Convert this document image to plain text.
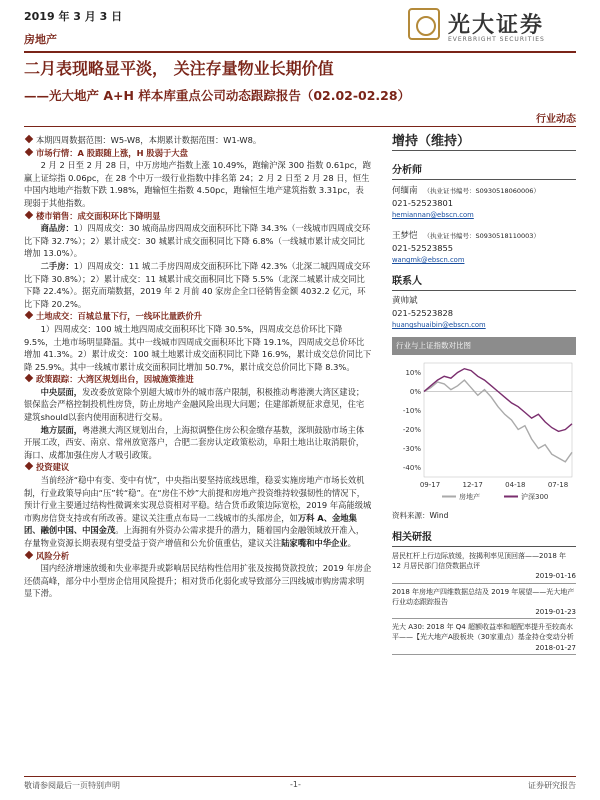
2019 年 3 月 3 日
房地产
光大证券
EVERBRIGHT SECURITIES
二月表现略显平淡， 关注存量物业长期价值
——光大地产 A+H 样本库重点公司动态跟踪报告（02.02-02.28）
行业动态

本期四周数据范围：W5-W8，本期累计数据范围：W1-W8。

市场行情：A 股跟随上涨，H 股弱于大盘

2 月 2 日至 2 月 28 日，中万房地产指数上涨 10.49%，跑输沪深 300 指数 0.61pc，跑赢上证综指 0.06pc，在 28 个中万一级行业指数中排名第 24；2 月 2 日至 2 月 28 日，恒生中国内地地产指数下跌 1.98%，跑输恒生指数 4.50pc，跑输恒生地产建筑指数 3.31pc，表现弱于其他指数。

楼市销售：成交面积环比下降明显

商品房：1）四周成交：30 城商品房四周成交面积环比下降 34.3%（一线城市四周成交环比下降 32.7%）；2）累计成交：30 城累计成交面积同比下降 6.8%（一线城市累计成交同比增加 13.0%）。

二手房：1）四周成交：11 城二手房四周成交面积环比下降 42.3%（北深二城四周成交环比下降 30.8%）；2）累计成交：11 城累计成交面积同比下降 5.5%（北深二城累计成交同比下降 22.4%）。据克而瑞数据，2019 年 2 月前 40 家房企全口径销售金额 4032.2 亿元，环比下降 20.2%。

土地成交：百城总量下行，一线环比量跌价升

1）四周成交：100 城土地四周成交面积环比下降 30.5%，四周成交总价环比下降 9.5%，土地市场明显降温。其中一线城市四周成交面积环比下降 19.1%，四周成交总价环比增加 41.3%。2）累计成交：100 城土地累计成交面积同比下降 16.9%，累计成交总价同比下降 25.9%。其中一线城市累计成交面积同比增加 50.7%，累计成交总价同比下降 8.3%。

政策跟踪：大湾区规划出台，因城施策推进

中央层面，发改委放宽除个别超大城市外的城市落户限制，积极推动粤港澳大湾区建设；银保监会严格控制投机性房贷，防止房地产金融风险出现大问题；住建部新规征求意见，住宅建筑should以套内使用面积进行交易。

地方层面，粤港澳大湾区规划出台，上海拟调整住房公积金缴存基数，深圳鼓励市场主体开展工改，西安、南京、常州放宽落户，合肥二套房认定政策松动，阜阳土地出让取消限价，海口、成都加强住房人才吸引政策。

投资建议

当前经济“稳中有变、变中有忧”，中央指出要坚持底线思维，稳妥实施房地产市场长效机制，行业政策导向由“压”转“稳”。在“房住不炒”大前提和房地产投资维持较强韧性的情况下，预计行业主要通过结构性微调来实现总资相对平稳。结合货币政策边际宽松，2019 年高能级城市购房信贷支持或有所改善。建议关注重点布局一二线城市的头部房企，如万科 A、金地集团、融创中国、中国金茂。上海拥有外资办公需求提升的潜力，随着国内金融领域放开准入，存量物业资源长期表现有望受益于资产增值和公允价值重估，建议关注陆家嘴和中华企业。

风险分析

国内经济增速放缓和失业率提升或影响居民结构性信用扩张及按揭贷款投放；2019 年房企还债高峰，部分中小型房企信用风险提升；相对货币化弱化或导致部分三四线城市购房需求明显下滑。

增持（维持）
分析师
何缅南 （执业证书编号：S0930518060006）
021-52523801
hemiannan@ebscn.com
王梦恺 （执业证书编号：S0930518110003）
021-52523855
wangmk@ebscn.com
联系人
黄帅斌
021-52523828
huangshuaibin@ebscn.com
行业与上证指数对比图
10%
0%
-10%
-20%
-30%
-40%
09-17	12-17	04-18	07-18
房地产	沪深300
资料来源：Wind
相关研报
居民杠杆上行边际放缓，按揭利率见顶回落——2018 年 12 月居民部门信贷数据点评
2019-01-16
2018 年房地产四维数据总结及 2019 年展望——光大地产行业动态跟踪报告
2019-01-23
光大 A30: 2018 年 Q4 超额收益率和超配率提升至较高水平——【光大地产A股板块（30家重点）基金持仓变动分析
2018-01-27
敬请参阅最后一页特别声明	-1-	证券研究报告
